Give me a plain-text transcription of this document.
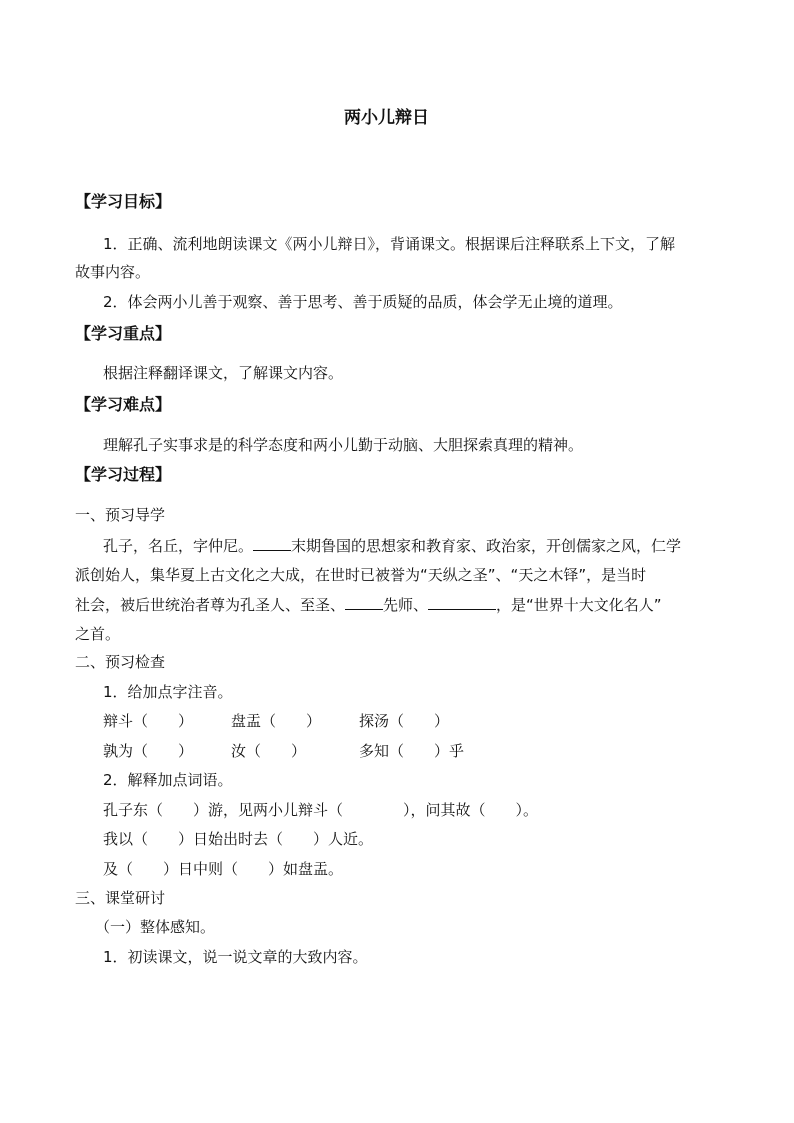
两小儿辩日
【学习目标】
1．正确、流利地朗读课文《两小儿辩日》，背诵课文。根据课后注释联系上下文，了解
故事内容。
2．体会两小儿善于观察、善于思考、善于质疑的品质，体会学无止境的道理。
【学习重点】
根据注释翻译课文，了解课文内容。
【学习难点】
理解孔子实事求是的科学态度和两小儿勤于动脑、大胆探索真理的精神。
【学习过程】
一、预习导学
孔子，名丘，字仲尼。	末期鲁国的思想家和教育家、政治家，开创儒家之风，仁学
派创始人，集华夏上古文化之大成，在世时已被誉为“天纵之圣”、“天之木铎”，是当时
社会，被后世统治者尊为孔圣人、至圣、	先师、	，是“世界十大文化名人”
之首。
二、预习检查
1．给加点字注音。
辩斗（　　）	盘盂（　　）	探汤（　　）
孰为（　　）	汝（　　）	多知（　　）乎
2．解释加点词语。
孔子东（　　）游，见两小儿辩斗（　　　　），问其故（　　）。
我以（　　）日始出时去（　　）人近。
及（　　）日中则（　　）如盘盂。
三、课堂研讨
（一）整体感知。
1．初读课文，说一说文章的大致内容。
